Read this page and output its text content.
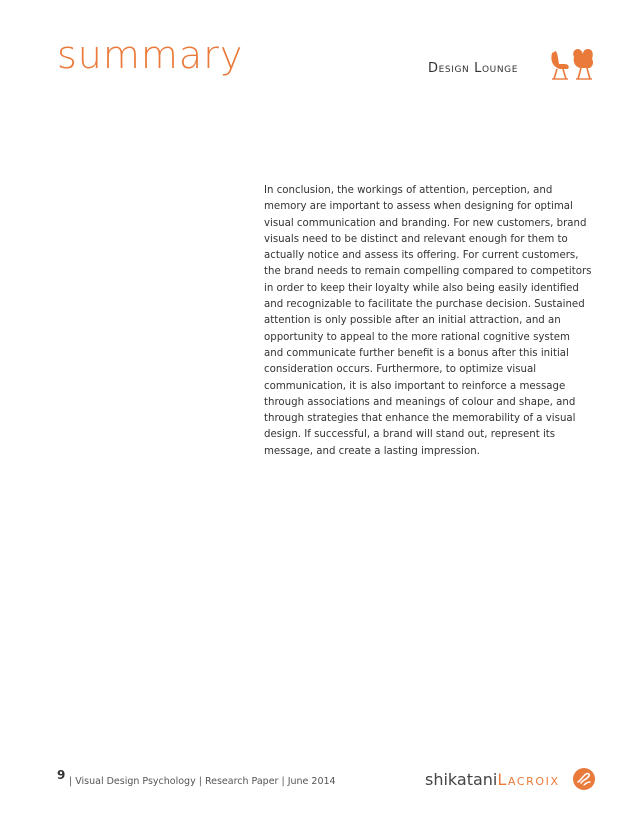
summary	Design Lounge

In conclusion, the workings of attention, perception, and memory are important to assess when designing for optimal visual communication and branding. For new customers, brand visuals need to be distinct and relevant enough for them to actually notice and assess its offering. For current customers, the brand needs to remain compelling compared to competitors in order to keep their loyalty while also being easily identified and recognizable to facilitate the purchase decision. Sustained attention is only possible after an initial attraction, and an opportunity to appeal to the more rational cognitive system and communicate further benefit is a bonus after this initial consideration occurs. Furthermore, to optimize visual communication, it is also important to reinforce a message through associations and meanings of colour and shape, and through strategies that enhance the memorability of a visual design. If successful, a brand will stand out, represent its message, and create a lasting impression.

9 | Visual Design Psychology | Research Paper | June 2014	shikataniLacroix
